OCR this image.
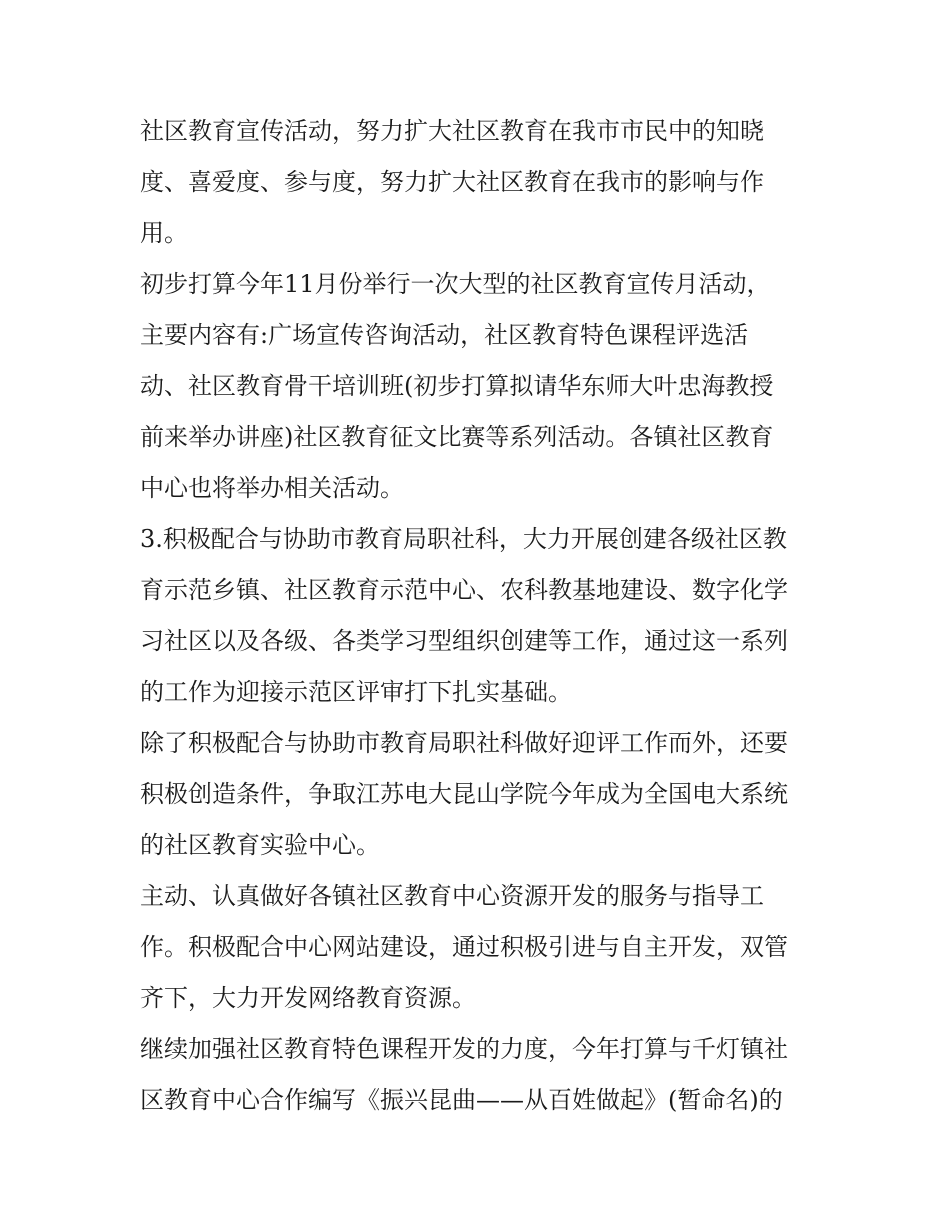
社区教育宣传活动，努力扩大社区教育在我市市民中的知晓
度、喜爱度、参与度，努力扩大社区教育在我市的影响与作
用。
初步打算今年11月份举行一次大型的社区教育宣传月活动，
主要内容有:广场宣传咨询活动，社区教育特色课程评选活
动、社区教育骨干培训班(初步打算拟请华东师大叶忠海教授
前来举办讲座)社区教育征文比赛等系列活动。各镇社区教育
中心也将举办相关活动。
3.积极配合与协助市教育局职社科，大力开展创建各级社区教
育示范乡镇、社区教育示范中心、农科教基地建设、数字化学
习社区以及各级、各类学习型组织创建等工作，通过这一系列
的工作为迎接示范区评审打下扎实基础。
除了积极配合与协助市教育局职社科做好迎评工作而外，还要
积极创造条件，争取江苏电大昆山学院今年成为全国电大系统
的社区教育实验中心。
主动、认真做好各镇社区教育中心资源开发的服务与指导工
作。积极配合中心网站建设，通过积极引进与自主开发，双管
齐下，大力开发网络教育资源。
继续加强社区教育特色课程开发的力度，今年打算与千灯镇社
区教育中心合作编写《振兴昆曲——从百姓做起》(暂命名)的
